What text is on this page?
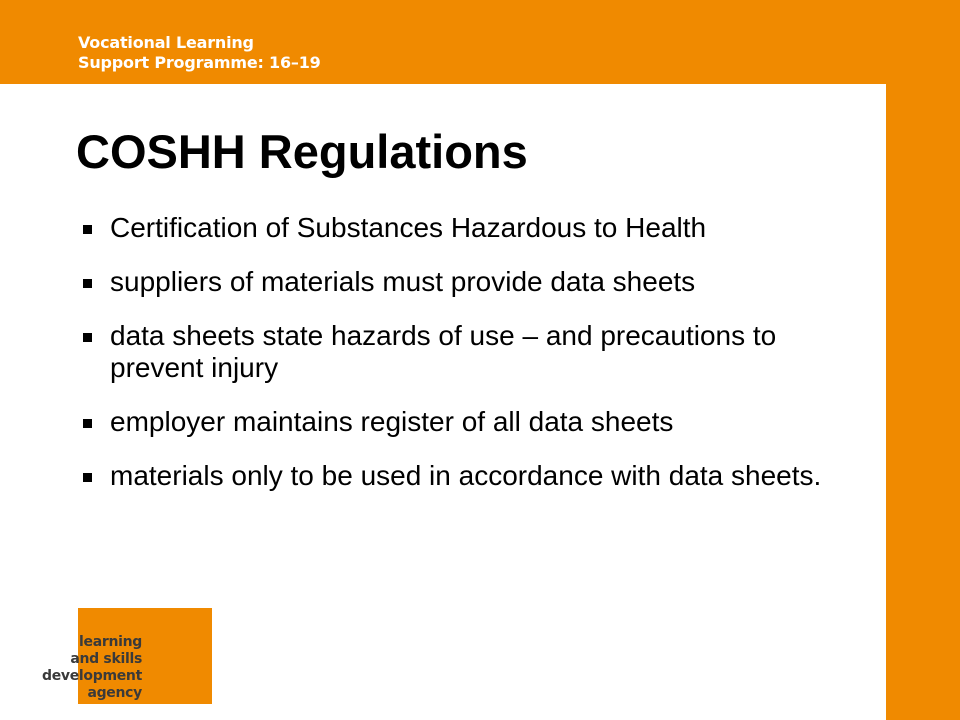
Vocational Learning
Support Programme: 16–19
COSHH Regulations
Certification of Substances Hazardous to Health
suppliers of materials must provide data sheets
data sheets state hazards of use – and precautions to prevent injury
employer maintains register of all data sheets
materials only to be used in accordance with data sheets.
learning
and skills
development
agency
